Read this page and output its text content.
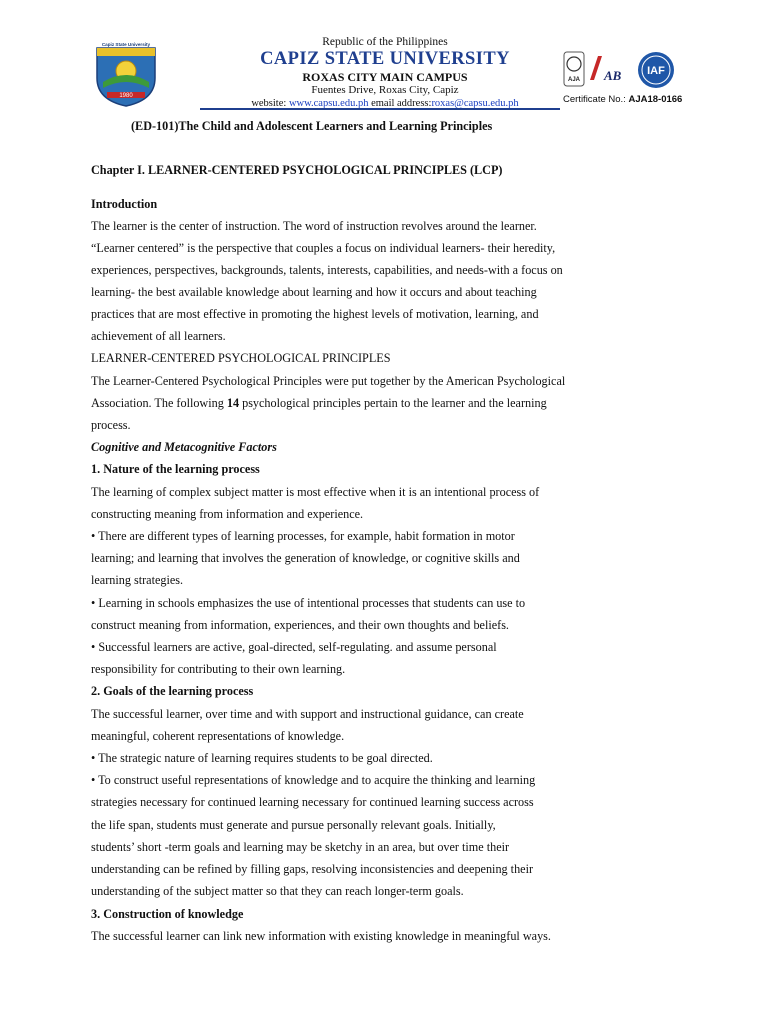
1980
Capiz State University	Republic of the Philippines
CAPIZ STATE UNIVERSITY
ROXAS CITY MAIN CAMPUS
Fuentes Drive, Roxas City, Capiz
website: www.capsu.edu.ph email address:roxas@capsu.edu.ph
AJA AB IAF
Certificate No.: AJA18-0166
(ED-101)The Child and Adolescent Learners and Learning Principles
Chapter I. LEARNER-CENTERED PSYCHOLOGICAL PRINCIPLES (LCP)
Introduction
The learner is the center of instruction. The word of instruction revolves around the learner.
“Learner centered” is the perspective that couples a focus on individual learners- their heredity,
experiences, perspectives, backgrounds, talents, interests, capabilities, and needs-with a focus on
learning- the best available knowledge about learning and how it occurs and about teaching
practices that are most effective in promoting the highest levels of motivation, learning, and
achievement of all learners.
LEARNER-CENTERED PSYCHOLOGICAL PRINCIPLES
The Learner-Centered Psychological Principles were put together by the American Psychological
Association. The following 14 psychological principles pertain to the learner and the learning
process.
Cognitive and Metacognitive Factors
1. Nature of the learning process
The learning of complex subject matter is most effective when it is an intentional process of
constructing meaning from information and experience.
• There are different types of learning processes, for example, habit formation in motor
learning; and learning that involves the generation of knowledge, or cognitive skills and
learning strategies.
• Learning in schools emphasizes the use of intentional processes that students can use to
construct meaning from information, experiences, and their own thoughts and beliefs.
• Successful learners are active, goal-directed, self-regulating. and assume personal
responsibility for contributing to their own learning.
2. Goals of the learning process
The successful learner, over time and with support and instructional guidance, can create
meaningful, coherent representations of knowledge.
• The strategic nature of learning requires students to be goal directed.
• To construct useful representations of knowledge and to acquire the thinking and learning
strategies necessary for continued learning necessary for continued learning success across
the life span, students must generate and pursue personally relevant goals. Initially,
students’ short -term goals and learning may be sketchy in an area, but over time their
understanding can be refined by filling gaps, resolving inconsistencies and deepening their
understanding of the subject matter so that they can reach longer-term goals.
3. Construction of knowledge
The successful learner can link new information with existing knowledge in meaningful ways.
